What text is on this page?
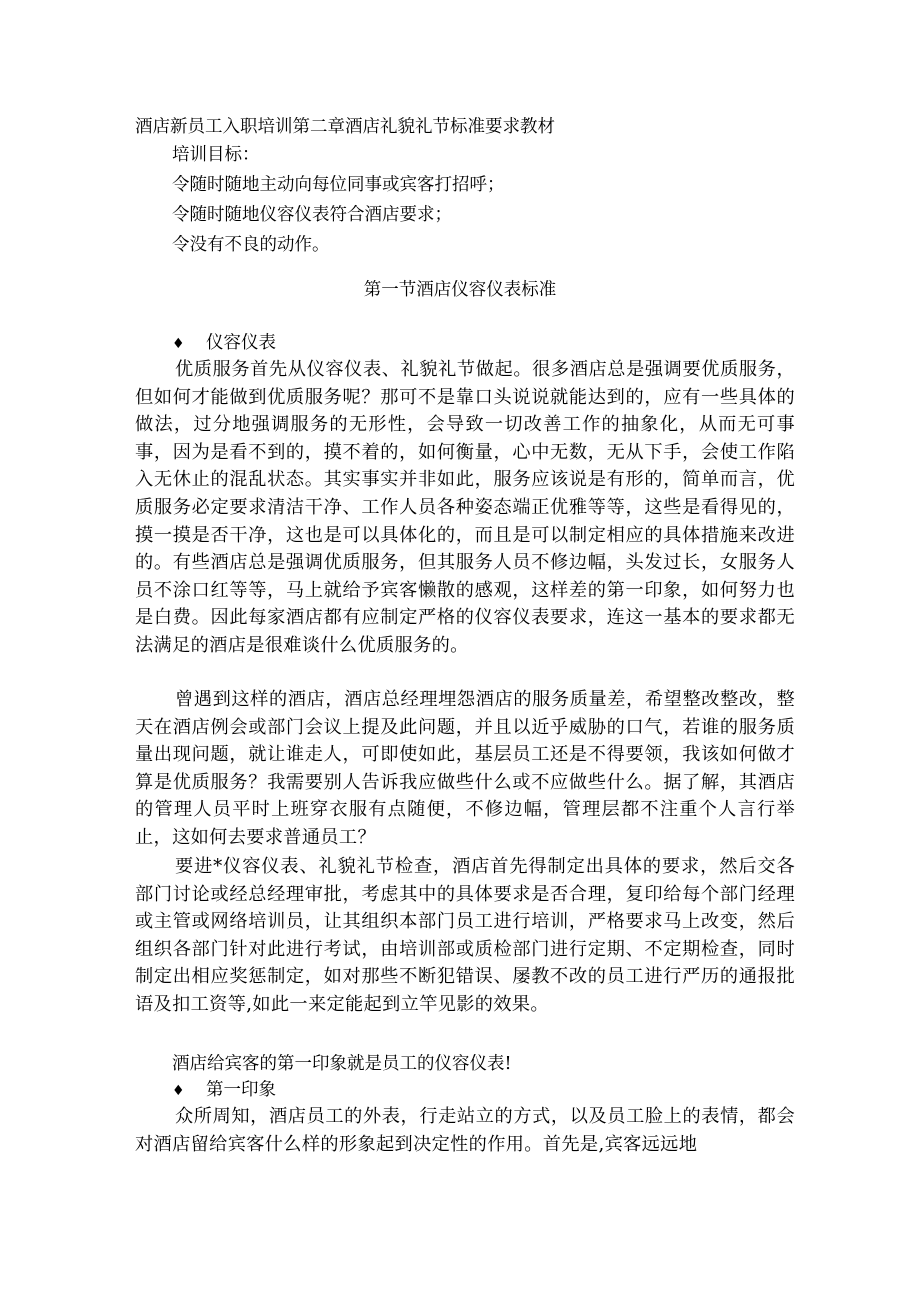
酒店新员工入职培训第二章酒店礼貌礼节标准要求教材
培训目标：
令随时随地主动向每位同事或宾客打招呼；
令随时随地仪容仪表符合酒店要求；
令没有不良的动作。
第一节酒店仪容仪表标准
♦ 仪容仪表

优质服务首先从仪容仪表、礼貌礼节做起。很多酒店总是强调要优质服务，但如何才能做到优质服务呢？那可不是靠口头说说就能达到的，应有一些具体的做法，过分地强调服务的无形性，会导致一切改善工作的抽象化，从而无可事事，因为是看不到的，摸不着的，如何衡量，心中无数，无从下手，会使工作陷入无休止的混乱状态。其实事实并非如此，服务应该说是有形的，简单而言，优质服务必定要求清洁干净、工作人员各种姿态端正优雅等等，这些是看得见的，摸一摸是否干净，这也是可以具体化的，而且是可以制定相应的具体措施来改进的。有些酒店总是强调优质服务，但其服务人员不修边幅，头发过长，女服务人员不涂口红等等，马上就给予宾客懒散的感观，这样差的第一印象，如何努力也是白费。因此每家酒店都有应制定严格的仪容仪表要求，连这一基本的要求都无法满足的酒店是很难谈什么优质服务的。

曾遇到这样的酒店，酒店总经理埋怨酒店的服务质量差，希望整改整改，整天在酒店例会或部门会议上提及此问题，并且以近乎威胁的口气，若谁的服务质量出现问题，就让谁走人，可即使如此，基层员工还是不得要领，我该如何做才算是优质服务？我需要别人告诉我应做些什么或不应做些什么。据了解，其酒店的管理人员平时上班穿衣服有点随便，不修边幅，管理层都不注重个人言行举止，这如何去要求普通员工？

要进*仪容仪表、礼貌礼节检查，酒店首先得制定出具体的要求，然后交各部门讨论或经总经理审批，考虑其中的具体要求是否合理，复印给每个部门经理或主管或网络培训员，让其组织本部门员工进行培训，严格要求马上改变，然后组织各部门针对此进行考试，由培训部或质检部门进行定期、不定期检查，同时制定出相应奖惩制定，如对那些不断犯错误、屡教不改的员工进行严历的通报批语及扣工资等,如此一来定能起到立竿见影的效果。

酒店给宾客的第一印象就是员工的仪容仪表!
♦ 第一印象

众所周知，酒店员工的外表，行走站立的方式，以及员工脸上的表情，都会对酒店留给宾客什么样的形象起到决定性的作用。首先是,宾客远远地
